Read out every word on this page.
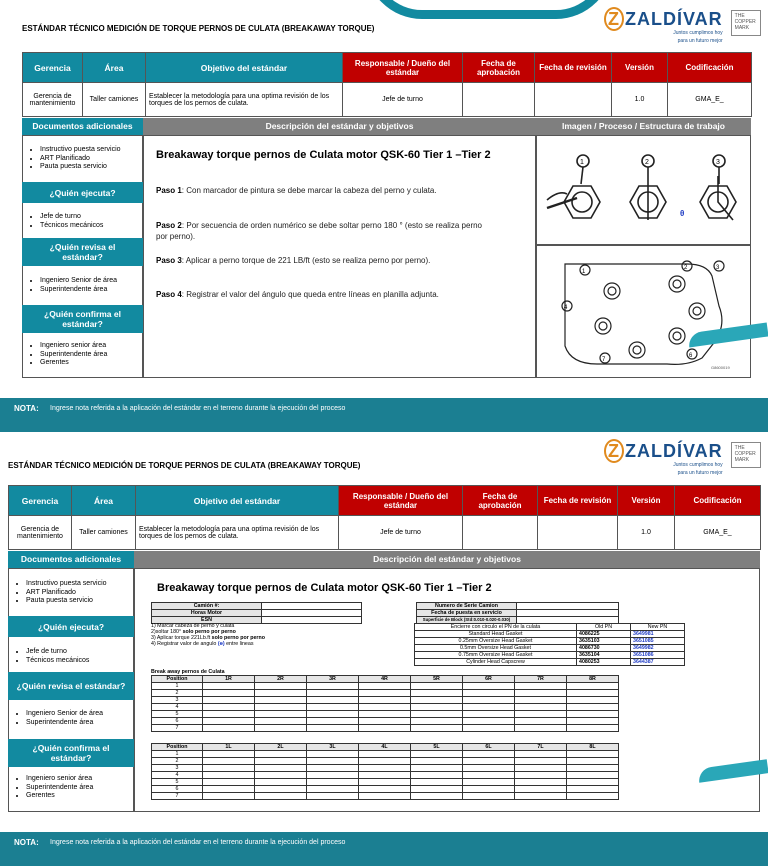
ESTÁNDAR TÉCNICO MEDICIÓN DE TORQUE PERNOS DE CULATA (BREAKAWAY TORQUE)	Z ZALDÍVAR
Juntos cumplimos hoy
para un futuro mejor
THE COPPER MARK
Gerencia	Área	Objetivo del estándar	Responsable / Dueño del estándar	Fecha de aprobación	Fecha de revisión	Versión	Codificación
Gerencia de mantenimiento	Taller camiones	Establecer la metodología para una optima revisión de los torques de los pernos de culata.	Jefe de turno			1.0	GMA_E_
Documentos adicionales	Descripción del estándar y objetivos	Imagen / Proceso / Estructura de trabajo
• Instructivo puesta servicio
• ART Planificado
• Pauta puesta servicio
¿Quién ejecuta?
• Jefe de turno
• Técnicos mecánicos
¿Quién revisa el estándar?
• Ingeniero Senior de área
• Superintendente área
¿Quién confirma el estándar?
• Ingeniero senior área
• Superintendente área
• Gerentes
Breakaway torque pernos de Culata motor QSK-60 Tier 1 –Tier 2
Paso 1: Con marcador de pintura se debe marcar la cabeza del perno y culata.
Paso 2: Por secuencia de orden numérico se debe soltar perno 180 ° (esto se realiza perno por perno).
Paso 3: Aplicar a perno torque de 221 LB/ft (esto se realiza perno por perno).
Paso 4: Registrar el valor del ángulo que queda entre líneas en planilla adjunta.
1	2	3
θ
1
2	3
4
6
7
G8600019
NOTA: Ingrese nota referida a la aplicación del estándar en el terreno durante la ejecución del proceso
ESTÁNDAR TÉCNICO MEDICIÓN DE TORQUE PERNOS DE CULATA (BREAKAWAY TORQUE)
Z ZALDÍVAR
Juntos cumplimos hoy
para un futuro mejor
THE COPPER MARK
Gerencia	Área	Objetivo del estándar	Responsable / Dueño del estándar	Fecha de aprobación	Fecha de revisión	Versión	Codificación
Gerencia de mantenimiento	Taller camiones	Establecer la metodología para una optima revisión de los torques de los pernos de culata.	Jefe de turno			1.0	GMA_E_
Documentos adicionales	Descripción del estándar y objetivos
• Instructivo puesta servicio
• ART Planificado
• Pauta puesta servicio
¿Quién ejecuta?
• Jefe de turno
• Técnicos mecánicos
¿Quién revisa el estándar?
• Ingeniero Senior de área
• Superintendente área
¿Quién confirma el estándar?
• Ingeniero senior área
• Superintendente área
• Gerentes
Breakaway torque pernos de Culata motor QSK-60 Tier 1 –Tier 2
Camión #:			Numero de Serie Camion	
Horas Motor			Fecha de puesta en servicio	
ESN			Superficie de Block (Std:0.010-0.020-0.030)	
1) Marcar cabeza de perno y culata
2)soltar 180° solo perno por perno
3) Aplicar torque 221Lb.ft solo perno por perno
4) Registrar valor de angulo (ɵ) entre lineas
Encierre con circulo el PN de la culata	Old PN	New PN
Standard Head Gasket	4086225	3649981
0.25mm Oversize Head Gasket	3635103	3651085
0.5mm Oversize Head Gasket	4086730	3649982
0.75mm Oversize Head Gasket	3635104	3651086
Cylinder Head Capscrew	4080253	3644387
Break away pernos de Culata
Position	1R	2R	3R	4R	5R	6R	7R	8R
1								
2								
3								
4								
5								
6								
7								
Position	1L	2L	3L	4L	5L	6L	7L	8L
1								
2								
3								
4								
5								
6								
7								
NOTA: Ingrese nota referida a la aplicación del estándar en el terreno durante la ejecución del proceso
